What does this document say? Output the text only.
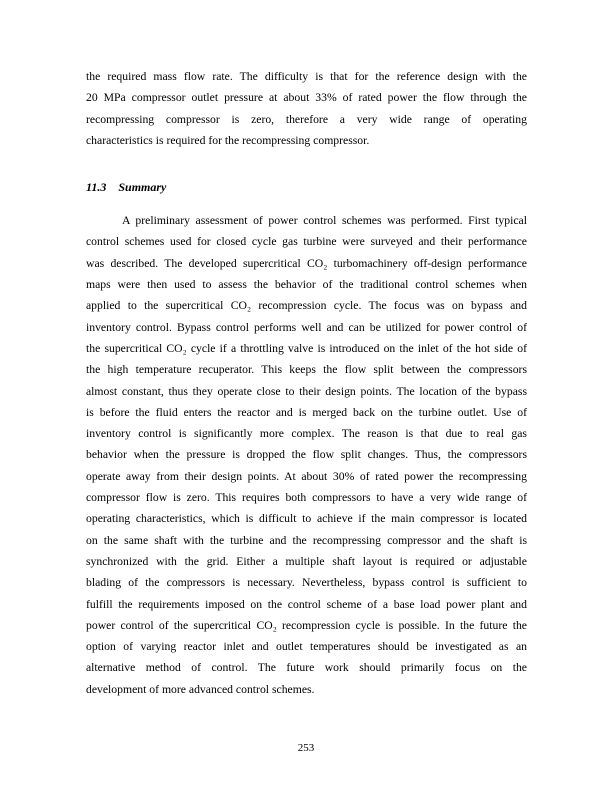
the required mass flow rate. The difficulty is that for the reference design with the
20 MPa compressor outlet pressure at about 33% of rated power the flow through the
recompressing compressor is zero, therefore a very wide range of operating
characteristics is required for the recompressing compressor.
11.3 Summary
A preliminary assessment of power control schemes was performed. First typical
control schemes used for closed cycle gas turbine were surveyed and their performance
was described. The developed supercritical CO₂ turbomachinery off-design performance
maps were then used to assess the behavior of the traditional control schemes when
applied to the supercritical CO₂ recompression cycle. The focus was on bypass and
inventory control. Bypass control performs well and can be utilized for power control of
the supercritical CO₂ cycle if a throttling valve is introduced on the inlet of the hot side of
the high temperature recuperator. This keeps the flow split between the compressors
almost constant, thus they operate close to their design points. The location of the bypass
is before the fluid enters the reactor and is merged back on the turbine outlet. Use of
inventory control is significantly more complex. The reason is that due to real gas
behavior when the pressure is dropped the flow split changes. Thus, the compressors
operate away from their design points. At about 30% of rated power the recompressing
compressor flow is zero. This requires both compressors to have a very wide range of
operating characteristics, which is difficult to achieve if the main compressor is located
on the same shaft with the turbine and the recompressing compressor and the shaft is
synchronized with the grid. Either a multiple shaft layout is required or adjustable
blading of the compressors is necessary. Nevertheless, bypass control is sufficient to
fulfill the requirements imposed on the control scheme of a base load power plant and
power control of the supercritical CO₂ recompression cycle is possible. In the future the
option of varying reactor inlet and outlet temperatures should be investigated as an
alternative method of control. The future work should primarily focus on the
development of more advanced control schemes.
253
